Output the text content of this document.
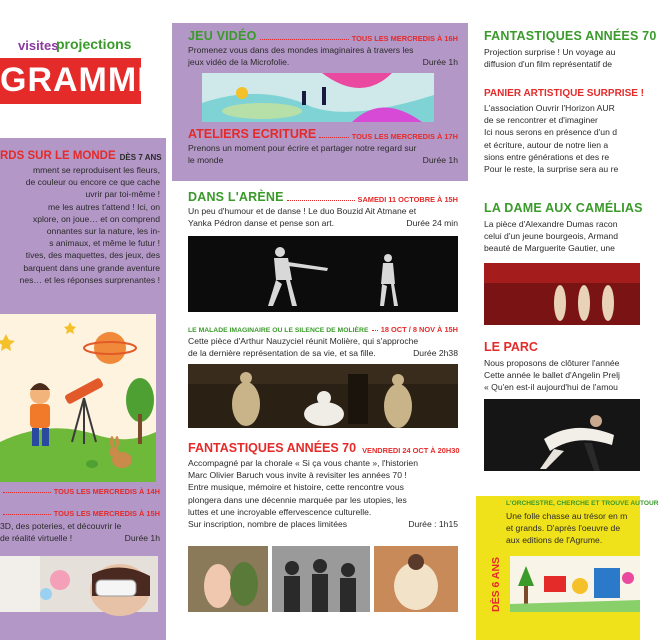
visites
projections
GRAMME
RDS SUR LE MONDE DÈS 7 ANS
mment se reproduisent les fleurs,
de couleur ou encore ce que cache
uvrir par toi-même !
me les autres t'attend ! Ici, on
xplore, on joue… et on comprend
onnantes sur la nature, les in-
s animaux, et même le futur !
tives, des maquettes, des jeux, des
barquent dans une grande aventure
nes… et les réponses surprenantes !
TOUS LES MERCREDIS À 14H
TOUS LES MERCREDIS À 15H
3D, des poteries, et découvrir le
de réalité virtuelle !	Durée 1h
JEU VIDÉO	TOUS LES MERCREDIS À 16H
Promenez vous dans des mondes imaginaires à travers les
jeux vidéo de la Microfolie.	Durée 1h
ATELIERS ECRITURE	TOUS LES MERCREDIS À 17H
Prenons un moment pour écrire et partager notre regard sur
le monde	Durée 1h
DANS L'ARÈNE	SAMEDI 11 OCTOBRE À 15H
Un peu d'humour et de danse ! Le duo Bouzid Ait Atmane et
Yanka Pédron danse et pense son art.	Durée 24 min
LE MALADE IMAGINAIRE OU LE SILENCE DE MOLIÈRE 18 OCT / 8 NOV À 15H
Cette pièce d'Arthur Nauzyciel réunit Molière, qui s'approche
de la dernière représentation de sa vie, et sa fille.	Durée 2h38
FANTASTIQUES ANNÉES 70 VENDREDI 24 OCT À 20H30
Accompagné par la chorale « Si ça vous chante », l'historien
Marc Olivier Baruch vous invite à revisiter les années 70 !
Entre musique, mémoire et histoire, cette rencontre vous
plongera dans une décennie marquée par les utopies, les
luttes et une incroyable effervescence culturelle.
Sur inscription, nombre de places limitées	Durée : 1h15
FANTASTIQUES ANNÉES 70
Projection surprise ! Un voyage au
diffusion d'un film représentatif de
PANIER ARTISTIQUE SURPRISE !
L'association Ouvrir l'Horizon AUR
de se rencontrer et d'imaginer
Ici nous serons en présence d'un d
et écriture, autour de notre lien a
sions entre générations et des re
Pour le reste, la surprise sera au re
LA DAME AUX CAMÉLIAS
La pièce d'Alexandre Dumas racon
celui d'un jeune bourgeois, Armand
beauté de Marguerite Gautier, une
LE PARC
Nous proposons de clôturer l'année
Cette année le ballet d'Angelin Prelj
« Qu'en est-il aujourd'hui de l'amou
L'ORCHESTRE, CHERCHE ET TROUVE AUTOUR
Une folle chasse au trésor en m
et grands. D'après l'oeuvre de
aux editions de l'Agrume.
DÈS 6 ANS
